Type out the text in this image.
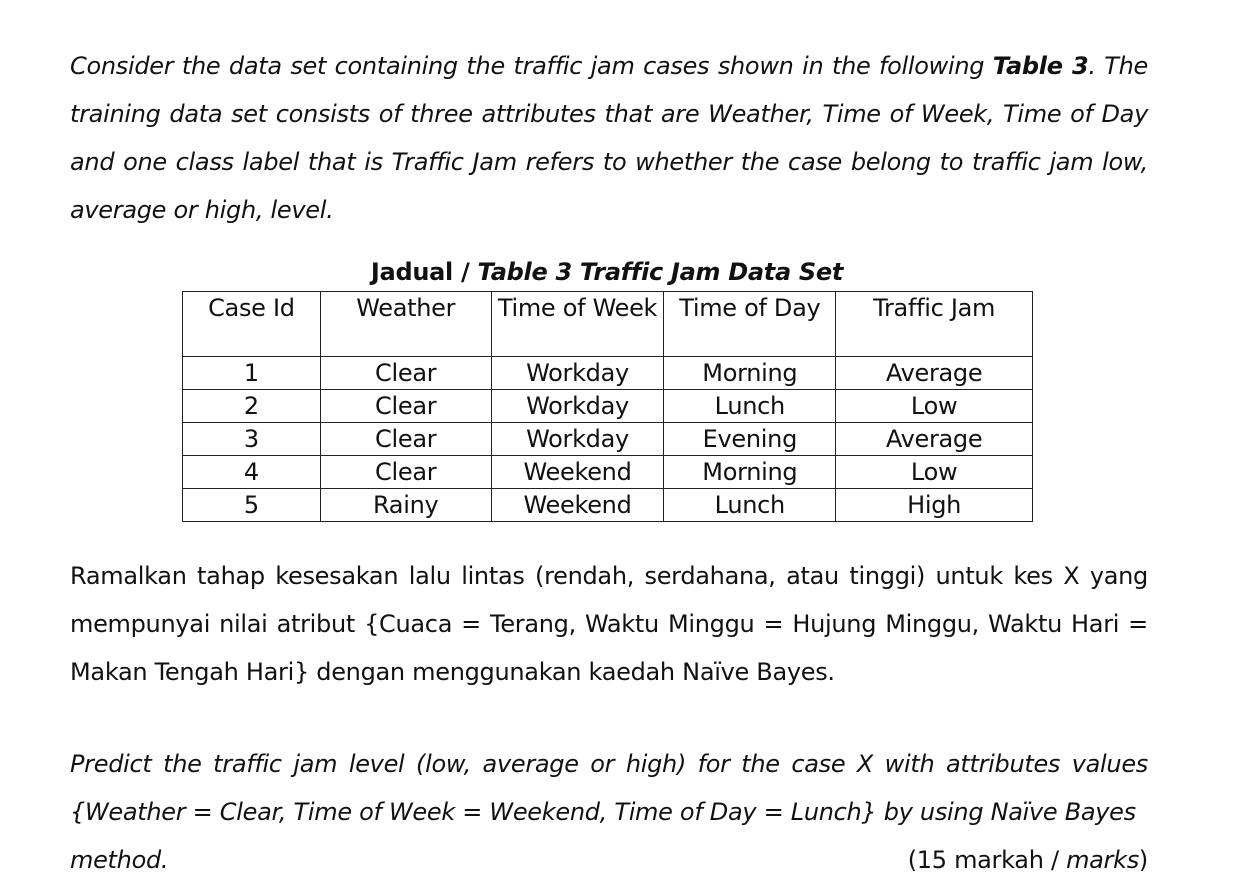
Consider the data set containing the traffic jam cases shown in the following Table 3. The training data set consists of three attributes that are Weather, Time of Week, Time of Day and one class label that is Traffic Jam refers to whether the case belong to traffic jam low, average or high, level.

Jadual / Table 3 Traffic Jam Data Set
Case Id	Weather	Time of Week	Time of Day	Traffic Jam
1	Clear	Workday	Morning	Average
2	Clear	Workday	Lunch	Low
3	Clear	Workday	Evening	Average
4	Clear	Weekend	Morning	Low
5	Rainy	Weekend	Lunch	High

Ramalkan tahap kesesakan lalu lintas (rendah, serdahana, atau tinggi) untuk kes X yang mempunyai nilai atribut {Cuaca = Terang, Waktu Minggu = Hujung Minggu, Waktu Hari = Makan Tengah Hari} dengan menggunakan kaedah Naïve Bayes.

Predict the traffic jam level (low, average or high) for the case X with attributes values {Weather = Clear, Time of Week = Weekend, Time of Day = Lunch} by using Naïve Bayes
method.	(15 markah / marks)
